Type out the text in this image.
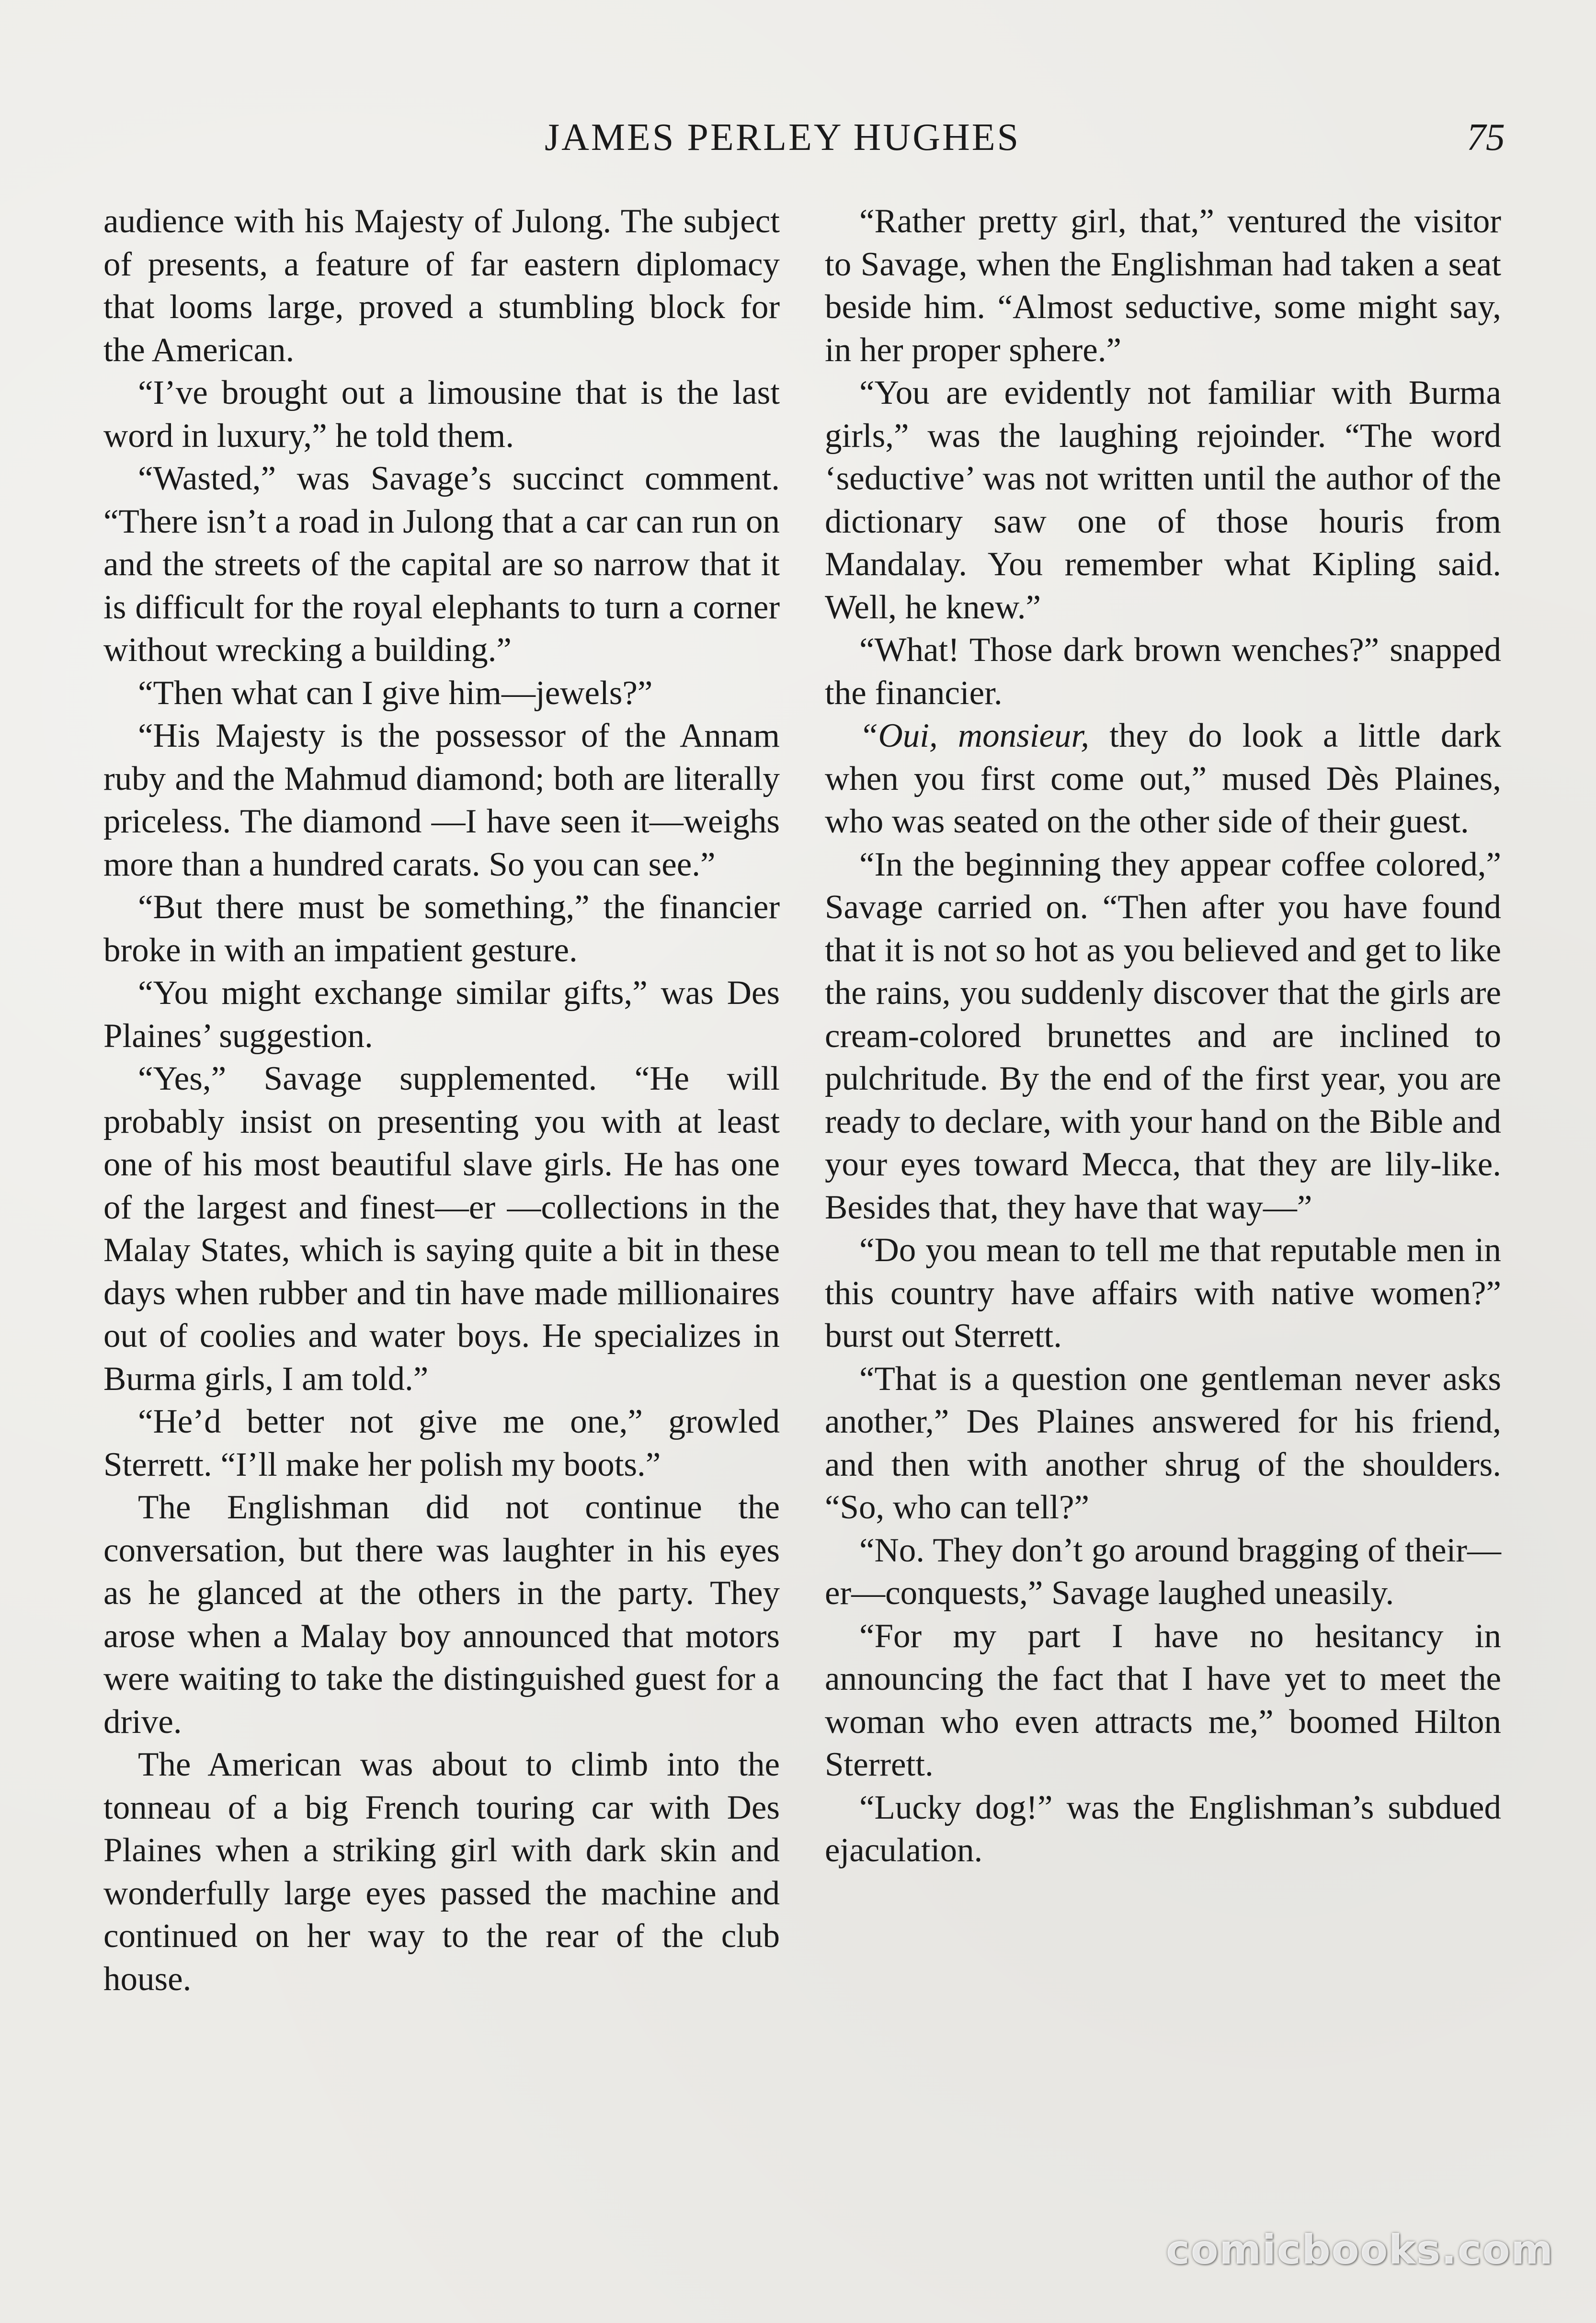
JAMES PERLEY HUGHES	75

audience with his Majesty of Julong. The subject of presents, a feature of far eastern diplomacy that looms large, proved a stumbling block for the American.

“I’ve brought out a limousine that is the last word in luxury,” he told them.

“Wasted,” was Savage’s succinct comment. “There isn’t a road in Julong that a car can run on and the streets of the capital are so narrow that it is difficult for the royal elephants to turn a corner without wrecking a building.”

“Then what can I give him—jewels?”

“His Majesty is the possessor of the Annam ruby and the Mahmud diamond; both are literally priceless. The diamond —I have seen it—weighs more than a hundred carats. So you can see.”

“But there must be something,” the financier broke in with an impatient gesture.

“You might exchange similar gifts,” was Des Plaines’ suggestion.

“Yes,” Savage supplemented. “He will probably insist on presenting you with at least one of his most beautiful slave girls. He has one of the largest and finest—er —collections in the Malay States, which is saying quite a bit in these days when rubber and tin have made millionaires out of coolies and water boys. He specializes in Burma girls, I am told.”

“He’d better not give me one,” growled Sterrett. “I’ll make her polish my boots.”

The Englishman did not continue the conversation, but there was laughter in his eyes as he glanced at the others in the party. They arose when a Malay boy announced that motors were waiting to take the distinguished guest for a drive.

The American was about to climb into the tonneau of a big French touring car with Des Plaines when a striking girl with dark skin and wonderfully large eyes passed the machine and continued on her way to the rear of the club house.

“Rather pretty girl, that,” ventured the visitor to Savage, when the Englishman had taken a seat beside him. “Almost seductive, some might say, in her proper sphere.”

“You are evidently not familiar with Burma girls,” was the laughing rejoinder. “The word ‘seductive’ was not written until the author of the dictionary saw one of those houris from Mandalay. You remember what Kipling said. Well, he knew.”

“What! Those dark brown wenches?” snapped the financier.

“Oui, monsieur, they do look a little dark when you first come out,” mused Dès Plaines, who was seated on the other side of their guest.

“In the beginning they appear coffee colored,” Savage carried on. “Then after you have found that it is not so hot as you believed and get to like the rains, you suddenly discover that the girls are cream-colored brunettes and are inclined to pulchritude. By the end of the first year, you are ready to declare, with your hand on the Bible and your eyes toward Mecca, that they are lily-like. Besides that, they have that way—”

“Do you mean to tell me that reputable men in this country have affairs with native women?” burst out Sterrett.

“That is a question one gentleman never asks another,” Des Plaines answered for his friend, and then with another shrug of the shoulders. “So, who can tell?”

“No. They don’t go around bragging of their—er—conquests,” Savage laughed uneasily.

“For my part I have no hesitancy in announcing the fact that I have yet to meet the woman who even attracts me,” boomed Hilton Sterrett.

“Lucky dog!” was the Englishman’s subdued ejaculation.

comicbooks.com
